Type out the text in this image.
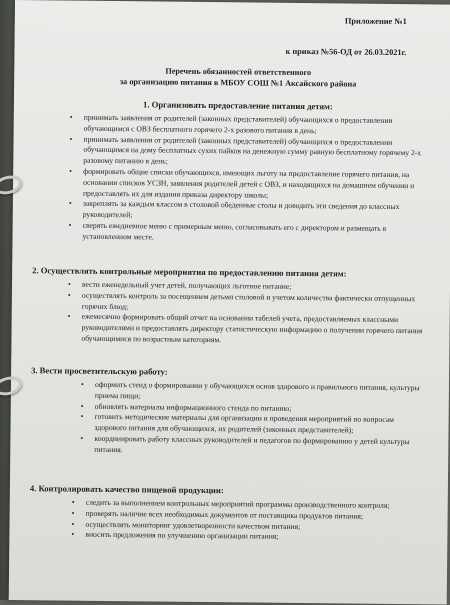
Приложение №1
к приказ №56-ОД от 26.03.2021г.
Перечень обязанностей ответственного
за организацию питания в МБОУ СОШ №1 Аксайского района
1. Организовать предоставление питания детям:
• принимать заявления от родителей (законных представителей) обучающихся о предоставлении обучающимся с ОВЗ бесплатного горячего 2-х разового питания в день;
• принимать заявления от родителей (законных представителей) обучающихся о предоставлении обучающимся на дому бесплатных сухих пайков на денежную сумму равную бесплатному горячему 2-х разовому питанию в день;
• формировать общие списки обучающихся, имеющих льготу на предоставление горячего питания, на основании списков УСЗН, заявления родителей детей с ОВЗ, и находящихся на домашнем обучении и предоставлять их для издания приказа директору школы;
• закреплять за каждым классом в столовой обеденные столы и доводить эти сведения до классных руководителей;
• сверять ежедневное меню с примерным меню, согласовывать его с директором и размещать в установленном месте.
2. Осуществлять контрольные мероприятия по предоставлению питания детям:
• вести еженедельный учет детей, получающих льготное питание;
• осуществлять контроль за посещением детьми столовой и учетом количества фактически отпущенных горячих блюд;
• ежемесячно формировать общий отчет на основании табелей учета, предоставляемых классными руководителями и предоставлять директору статистическую информацию о получении горячего питания обучающимися по возрастным категориям.
3. Вести просветительскую работу:
• оформить стенд о формировании у обучающихся основ здорового и правильного питания, культуры приема пищи;
• обновлять материалы информационного стенда по питанию;
• готовить методические материалы для организации и проведения мероприятий по вопросам здорового питания для обучающихся, их родителей (законных представителей);
• координировать работу классных руководителей и педагогов по формированию у детей культуры питания.
4. Контролировать качество пищевой продукции:
• следить за выполнением контрольных мероприятий программы производственного контроля;
• проверять наличие всех необходимых документов от поставщика продуктов питания;
• осуществлять мониторинг удовлетворенности качеством питания;
• вносить предложения по улучшению организации питания;
